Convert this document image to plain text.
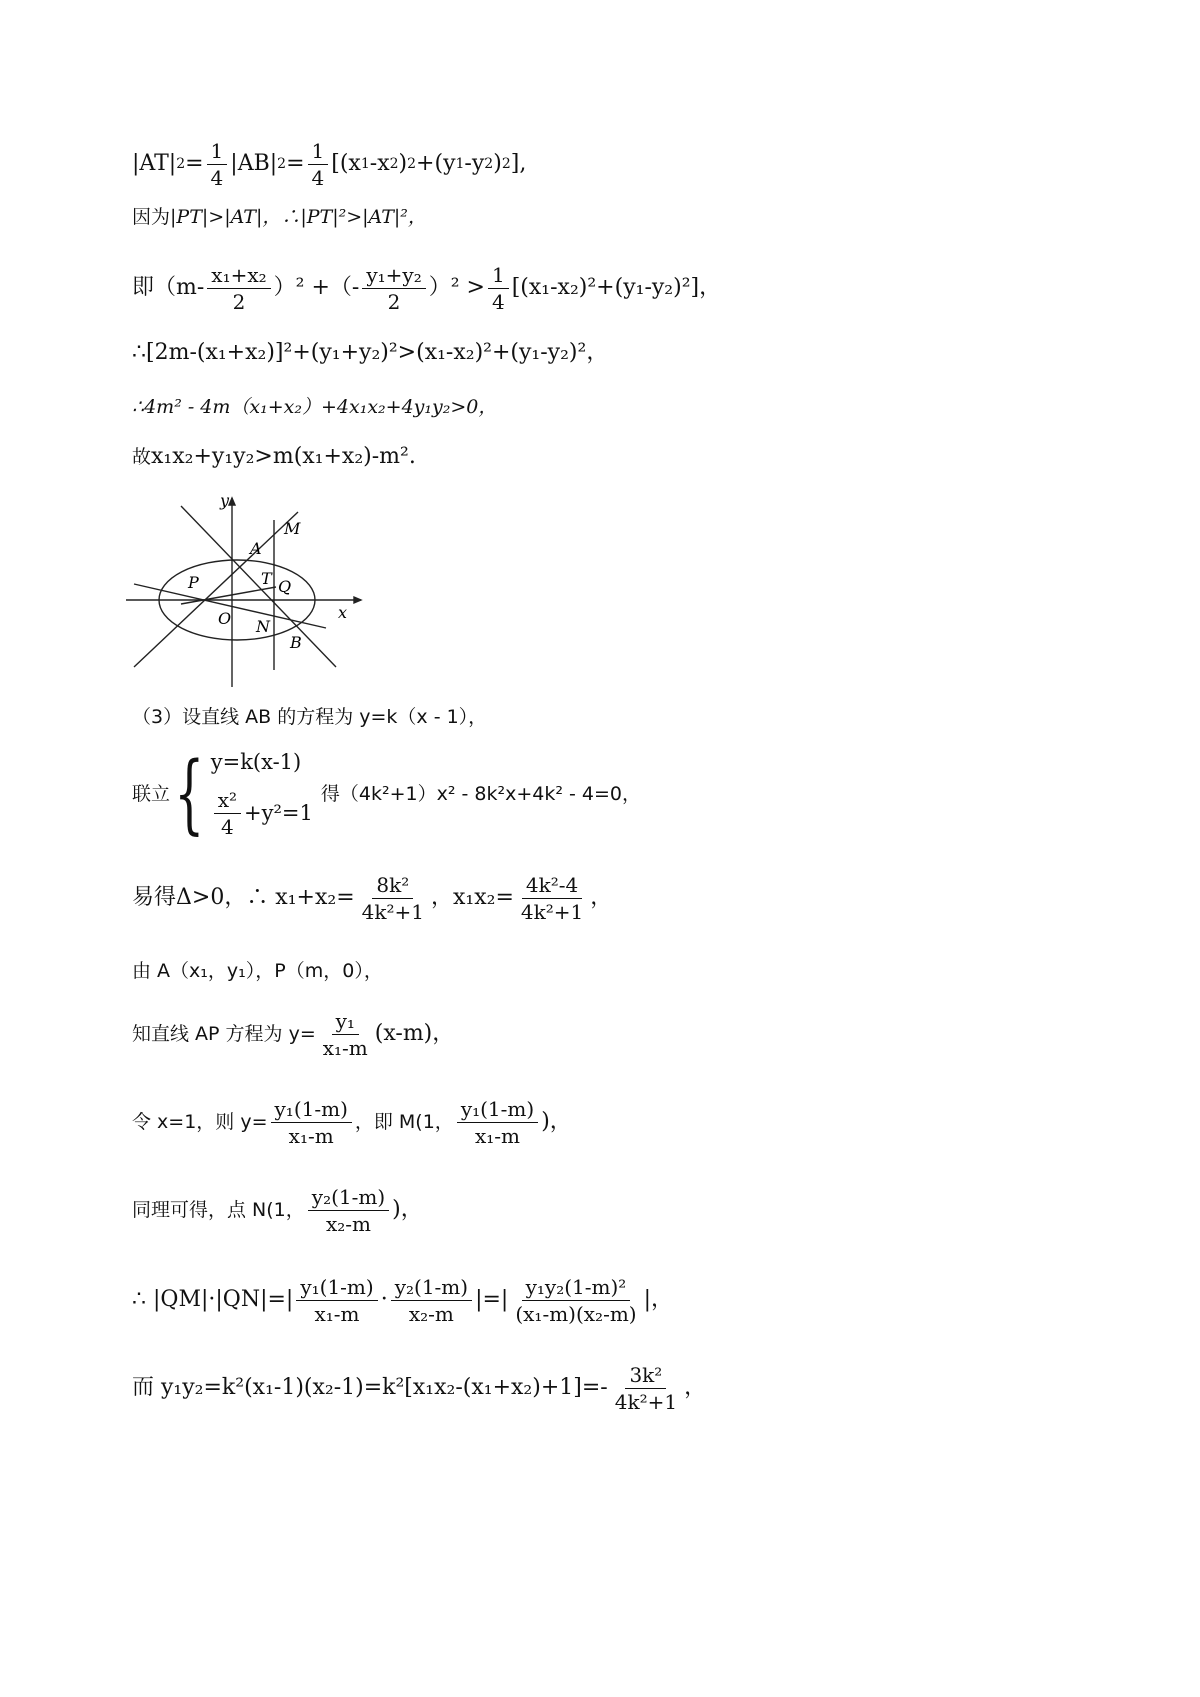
|AT| $2 = \frac{1}{4} |AB|$ $2 = \frac{1}{4} [(x$ 1 -x 2 ) 2 +(y 1 -y 2 ) 2 ],
因为 |PT|>|AT|，∴|PT|²>|AT|²，
即$(m- \frac{\text{x₁+x₂}}{2} )^2$ +（- $\frac{\text{y₁+y₂}}{2} )^2 > \frac{1}{4} [(x_1-x_2)^2+(y_1-y_2)^2]$，
∴[2m-(x₁+x₂)]²+(y₁+y₂)²>(x₁-x₂)²+(y₁-y₂)²，
∴4m² - 4m（x₁+x₂）+4x₁x₂+4y₁y₂>0，
故 x₁x₂+y₁y₂>m(x₁+x₂)-m².
y
x
M
A
P	T Q
O N
B
（3）设直线 AB 的方程为 y=k（x - 1），
联立 { y=k(x-1)
$\frac{\text{x²}}{4} +y^2=1$
得（4k²+1）x² - 8k²x+4k² - 4=0，
易得Δ>0，∴ $x_1+x_2= \frac{\text{8k²}}{\text{4k²+1}}$ ，$x_1x_2= \frac{\text{4k²-4}}{\text{4k²+1}}$ ，
由 A（x₁，y₁），P（m，0），
知直线 AP 方程为 $y= \frac{\text{y₁}}{\text{x₁-m}} (x-m)$，
令 x=1，则 $y= \frac{\text{y₁(1-m)}}{\text{x₁-m}}$ ，即 M(1， $\frac{\text{y₁(1-m)}}{\text{x₁-m}}$ )，
同理可得，点 N(1， $\frac{\text{y₂(1-m)}}{\text{x₂-m}}$ )，
∴ $|QM|\cdot|QN|=| \frac{\text{y₁(1-m)}}{\text{x₁-m}} \cdot \frac{\text{y₂(1-m)}}{\text{x₂-m}}$ |=| $\frac{\text{y₁y₂(1-m)²}}{\text{(x₁-m)(x₂-m)}}$ |，
而 $y_1y_2=k^2(x_1-1)(x_2-1)=k^2[x_1x_2-(x_1+x_2)+1]=- \frac{\text{3k²}}{\text{4k²+1}}$ ，
